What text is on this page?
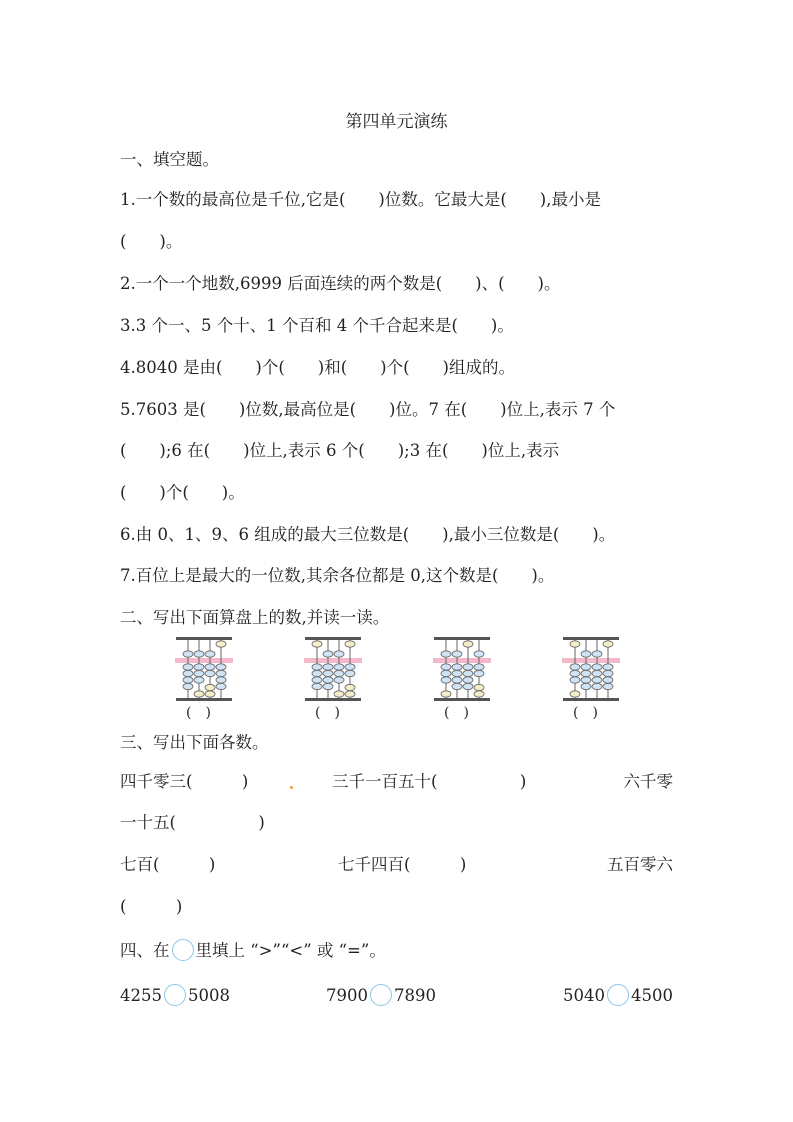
第四单元演练
一、填空题。
1.一个数的最高位是千位,它是(　　)位数。它最大是(　　),最小是
(　　)。
2.一个一个地数,6999 后面连续的两个数是(　　)、(　　)。
3.3 个一、5 个十、1 个百和 4 个千合起来是(　　)。
4.8040 是由(　　)个(　　)和(　　)个(　　)组成的。
5.7603 是(　　)位数,最高位是(　　)位。7 在(　　)位上,表示 7 个
(　　);6 在(　　)位上,表示 6 个(　　);3 在(　　)位上,表示
(　　)个(　　)。
6.由 0、1、9、6 组成的最大三位数是(　　),最小三位数是(　　)。
7.百位上是最大的一位数,其余各位都是 0,这个数是(　　)。
二、写出下面算盘上的数,并读一读。
(　)	(　)	(　)	(　)
三、写出下面各数。
四千零三(　　　)	三千一百五十(　　　　　)	六千零
一十五(　　　　　)
七百(　　　)	七千四百(　　　)	五百零六
(　　　)
四、在 里填上 “>”“<” 或 “=”。
4255 5008	7900 7890	5040 4500
